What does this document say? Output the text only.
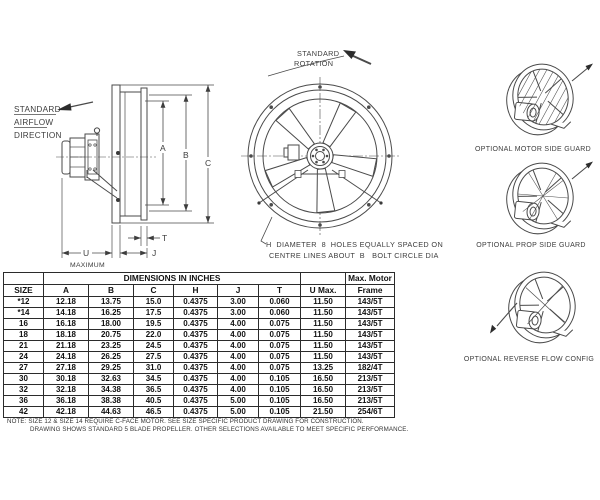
STANDARD
AIRFLOW
DIRECTION
A
B
C
T
U	J
MAXIMUM
STANDARD
ROTATION
H  DIAMETER  8  HOLES EQUALLY SPACED ON
CENTRE LINES ABOUT  B   BOLT CIRCLE DIA
OPTIONAL MOTOR SIDE GUARD
OPTIONAL PROP SIDE GUARD
OPTIONAL REVERSE FLOW CONFIG
	DIMENSIONS IN INCHES							Max. Motor
SIZE	A	B	C	H	J	T	U Max.	Frame
*12	12.18	13.75	15.0	0.4375	3.00	0.060	11.50	143/5T
*14	14.18	16.25	17.5	0.4375	3.00	0.060	11.50	143/5T
16	16.18	18.00	19.5	0.4375	4.00	0.075	11.50	143/5T
18	18.18	20.75	22.0	0.4375	4.00	0.075	11.50	143/5T
21	21.18	23.25	24.5	0.4375	4.00	0.075	11.50	143/5T
24	24.18	26.25	27.5	0.4375	4.00	0.075	11.50	143/5T
27	27.18	29.25	31.0	0.4375	4.00	0.075	13.25	182/4T
30	30.18	32.63	34.5	0.4375	4.00	0.105	16.50	213/5T
32	32.18	34.38	36.5	0.4375	4.00	0.105	16.50	213/5T
36	36.18	38.38	40.5	0.4375	5.00	0.105	16.50	213/5T
42	42.18	44.63	46.5	0.4375	5.00	0.105	21.50	254/6T
NOTE: SIZE 12 & SIZE 14 REQUIRE C-FACE MOTOR. SEE SIZE SPECIFIC PRODUCT DRAWING FOR CONSTRUCTION.
DRAWING SHOWS STANDARD 5 BLADE PROPELLER. OTHER SELECTIONS AVAILABLE TO MEET SPECIFIC PERFORMANCE.
